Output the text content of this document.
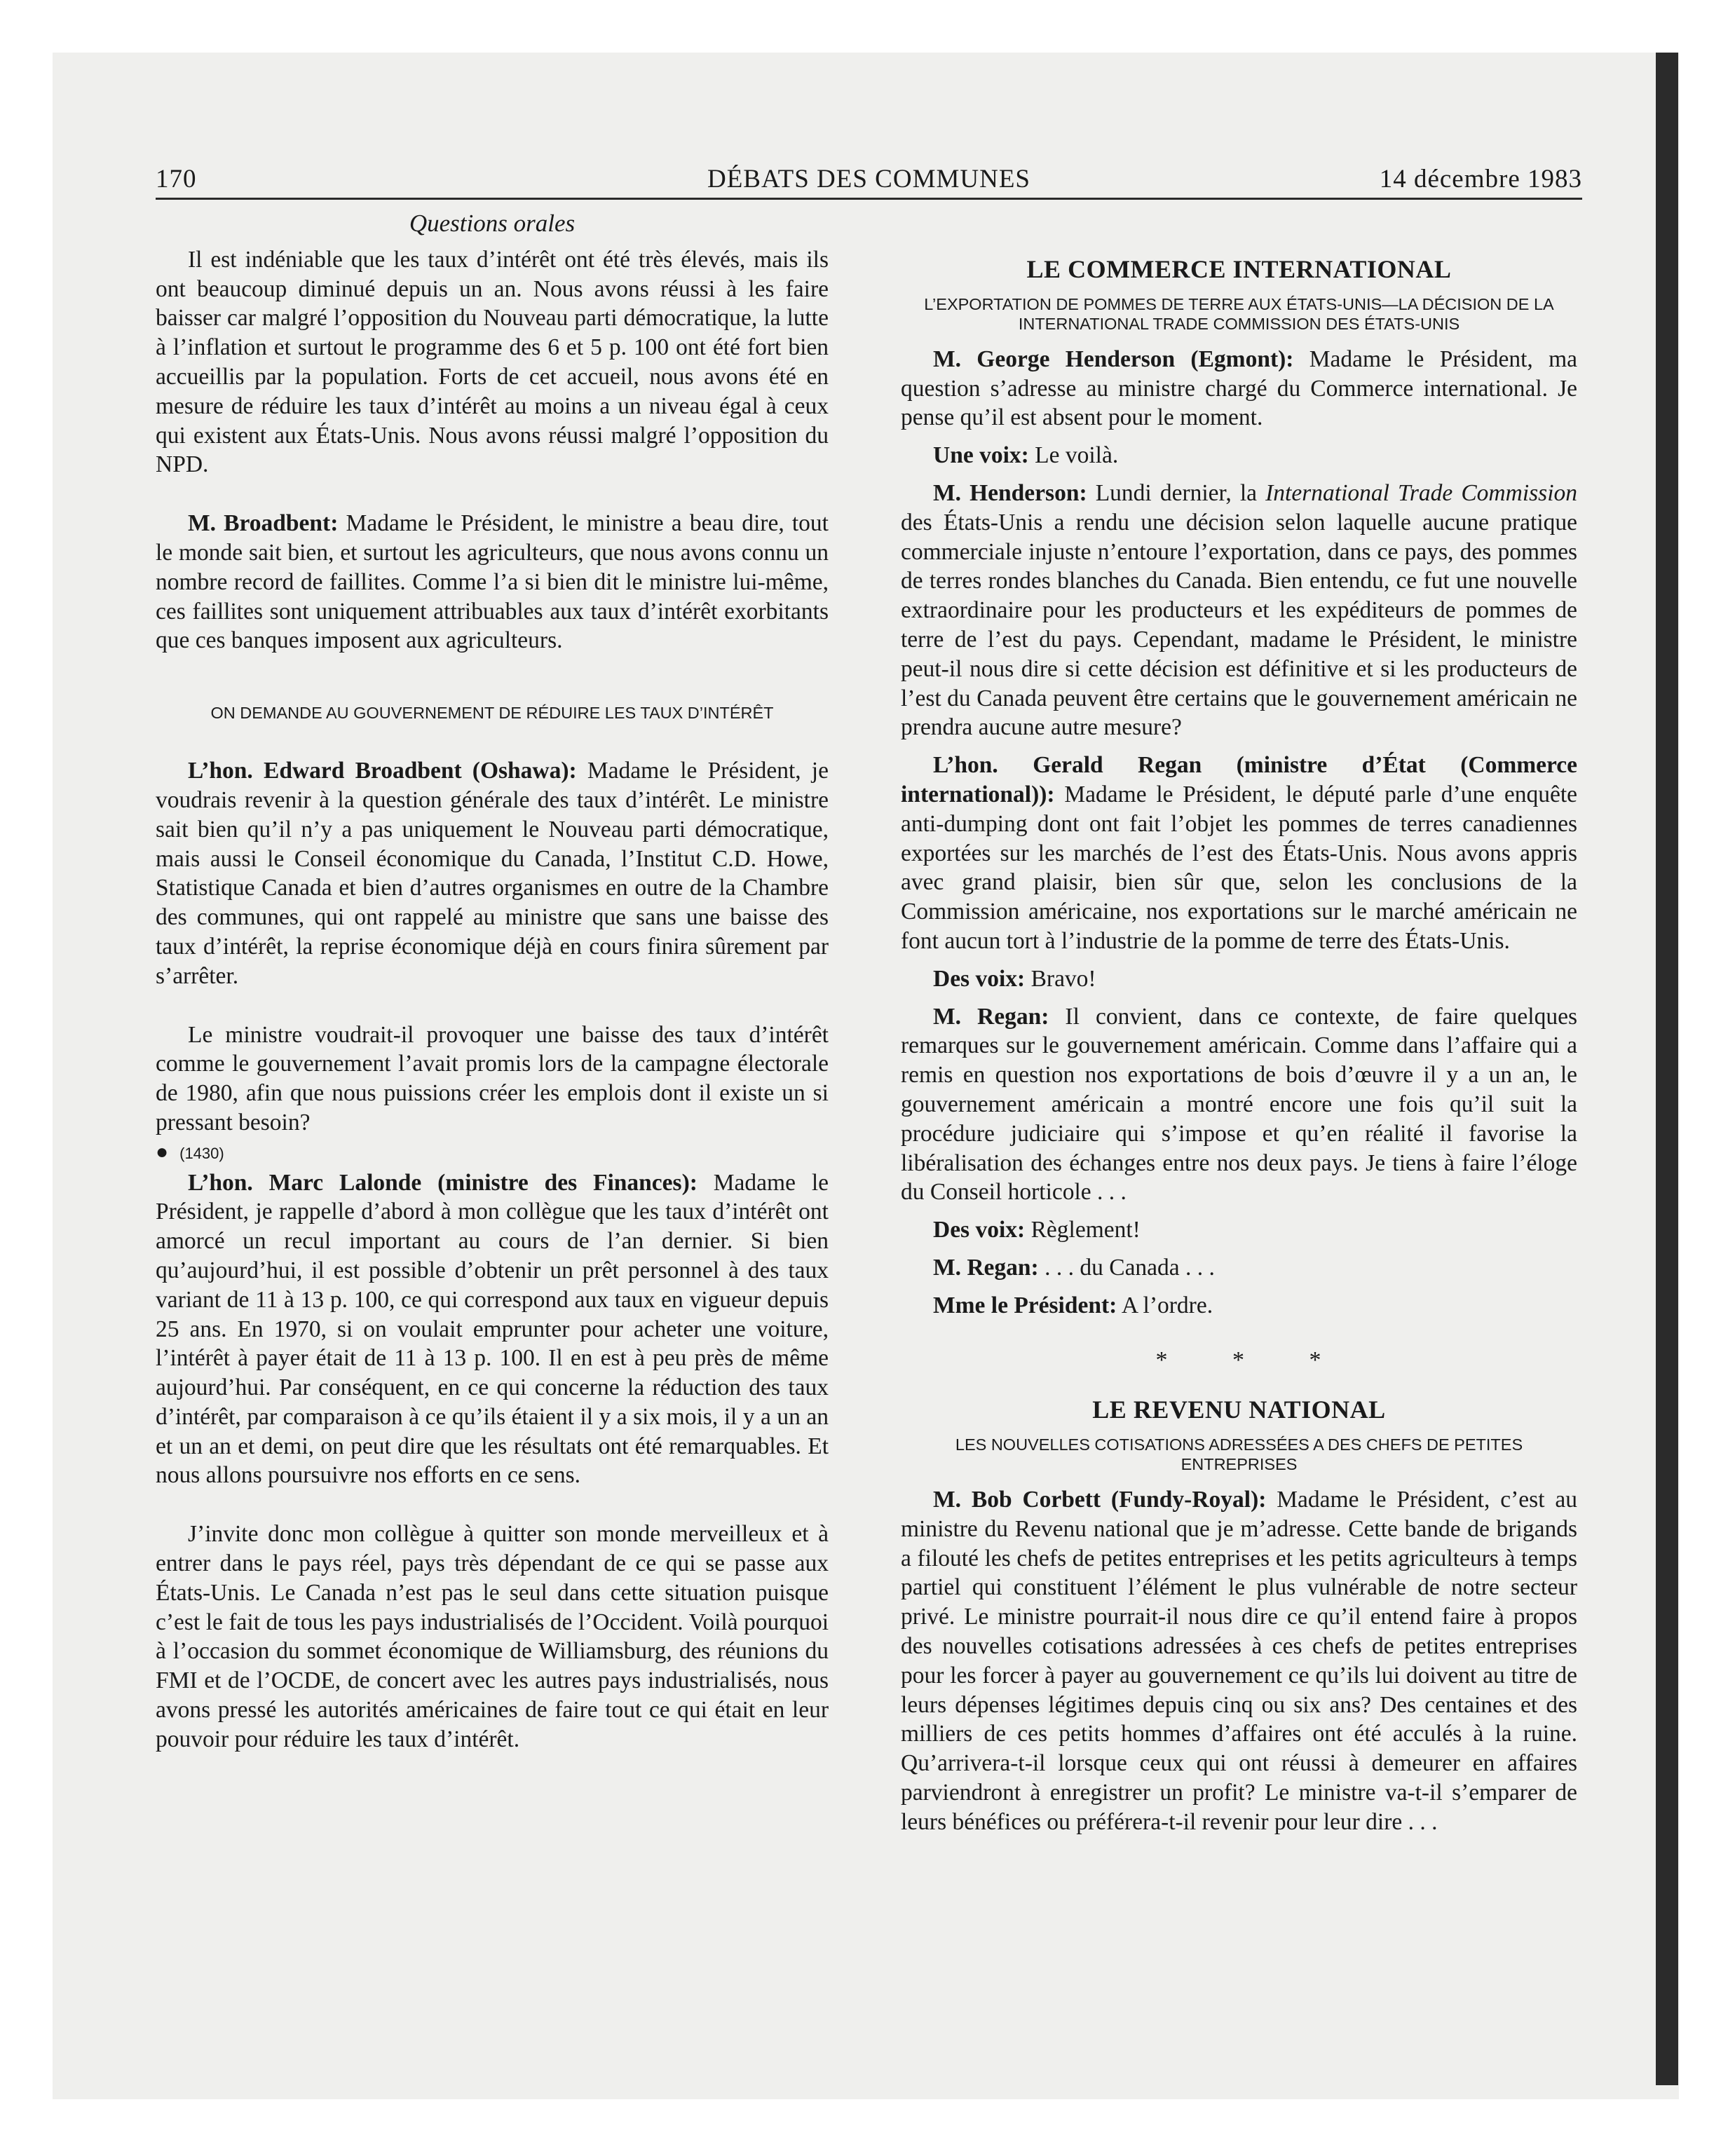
170	DÉBATS DES COMMUNES	14 décembre 1983
Questions orales

Il est indéniable que les taux d’intérêt ont été très élevés, mais ils ont beaucoup diminué depuis un an. Nous avons réussi à les faire baisser car malgré l’opposition du Nouveau parti démocratique, la lutte à l’inflation et surtout le programme des 6 et 5 p. 100 ont été fort bien accueillis par la population. Forts de cet accueil, nous avons été en mesure de réduire les taux d’intérêt au moins a un niveau égal à ceux qui existent aux États-Unis. Nous avons réussi malgré l’opposition du NPD.

M. Broadbent: Madame le Président, le ministre a beau dire, tout le monde sait bien, et surtout les agriculteurs, que nous avons connu un nombre record de faillites. Comme l’a si bien dit le ministre lui-même, ces faillites sont uniquement attribuables aux taux d’intérêt exorbitants que ces banques imposent aux agriculteurs.

ON DEMANDE AU GOUVERNEMENT DE RÉDUIRE LES TAUX D’INTÉRÊT

L’hon. Edward Broadbent (Oshawa): Madame le Président, je voudrais revenir à la question générale des taux d’intérêt. Le ministre sait bien qu’il n’y a pas uniquement le Nouveau parti démocratique, mais aussi le Conseil économique du Canada, l’Institut C.D. Howe, Statistique Canada et bien d’autres organismes en outre de la Chambre des communes, qui ont rappelé au ministre que sans une baisse des taux d’intérêt, la reprise économique déjà en cours finira sûrement par s’arrêter.

Le ministre voudrait-il provoquer une baisse des taux d’intérêt comme le gouvernement l’avait promis lors de la campagne électorale de 1980, afin que nous puissions créer les emplois dont il existe un si pressant besoin?

● (1430)

L’hon. Marc Lalonde (ministre des Finances): Madame le Président, je rappelle d’abord à mon collègue que les taux d’intérêt ont amorcé un recul important au cours de l’an dernier. Si bien qu’aujourd’hui, il est possible d’obtenir un prêt personnel à des taux variant de 11 à 13 p. 100, ce qui correspond aux taux en vigueur depuis 25 ans. En 1970, si on voulait emprunter pour acheter une voiture, l’intérêt à payer était de 11 à 13 p. 100. Il en est à peu près de même aujourd’hui. Par conséquent, en ce qui concerne la réduction des taux d’intérêt, par comparaison à ce qu’ils étaient il y a six mois, il y a un an et un an et demi, on peut dire que les résultats ont été remarquables. Et nous allons poursuivre nos efforts en ce sens.

J’invite donc mon collègue à quitter son monde merveilleux et à entrer dans le pays réel, pays très dépendant de ce qui se passe aux États-Unis. Le Canada n’est pas le seul dans cette situation puisque c’est le fait de tous les pays industrialisés de l’Occident. Voilà pourquoi à l’occasion du sommet économique de Williamsburg, des réunions du FMI et de l’OCDE, de concert avec les autres pays industrialisés, nous avons pressé les autorités américaines de faire tout ce qui était en leur pouvoir pour réduire les taux d’intérêt.

LE COMMERCE INTERNATIONAL
L’EXPORTATION DE POMMES DE TERRE AUX ÉTATS-UNIS—LA DÉCISION DE LA INTERNATIONAL TRADE COMMISSION DES ÉTATS-UNIS

M. George Henderson (Egmont): Madame le Président, ma question s’adresse au ministre chargé du Commerce international. Je pense qu’il est absent pour le moment.

Une voix: Le voilà.

M. Henderson: Lundi dernier, la International Trade Commission des États-Unis a rendu une décision selon laquelle aucune pratique commerciale injuste n’entoure l’exportation, dans ce pays, des pommes de terres rondes blanches du Canada. Bien entendu, ce fut une nouvelle extraordinaire pour les producteurs et les expéditeurs de pommes de terre de l’est du pays. Cependant, madame le Président, le ministre peut-il nous dire si cette décision est définitive et si les producteurs de l’est du Canada peuvent être certains que le gouvernement américain ne prendra aucune autre mesure?

L’hon. Gerald Regan (ministre d’État (Commerce international)): Madame le Président, le député parle d’une enquête anti-dumping dont ont fait l’objet les pommes de terres canadiennes exportées sur les marchés de l’est des États-Unis. Nous avons appris avec grand plaisir, bien sûr que, selon les conclusions de la Commission américaine, nos exportations sur le marché américain ne font aucun tort à l’industrie de la pomme de terre des États-Unis.

Des voix: Bravo!

M. Regan: Il convient, dans ce contexte, de faire quelques remarques sur le gouvernement américain. Comme dans l’affaire qui a remis en question nos exportations de bois d’œuvre il y a un an, le gouvernement américain a montré encore une fois qu’il suit la procédure judiciaire qui s’impose et qu’en réalité il favorise la libéralisation des échanges entre nos deux pays. Je tiens à faire l’éloge du Conseil horticole . . .

Des voix: Règlement!

M. Regan: . . . du Canada . . .

Mme le Président: A l’ordre.

* * *
LE REVENU NATIONAL
LES NOUVELLES COTISATIONS ADRESSÉES A DES CHEFS DE PETITES ENTREPRISES

M. Bob Corbett (Fundy-Royal): Madame le Président, c’est au ministre du Revenu national que je m’adresse. Cette bande de brigands a filouté les chefs de petites entreprises et les petits agriculteurs à temps partiel qui constituent l’élément le plus vulnérable de notre secteur privé. Le ministre pourrait-il nous dire ce qu’il entend faire à propos des nouvelles cotisations adressées à ces chefs de petites entreprises pour les forcer à payer au gouvernement ce qu’ils lui doivent au titre de leurs dépenses légitimes depuis cinq ou six ans? Des centaines et des milliers de ces petits hommes d’affaires ont été acculés à la ruine. Qu’arrivera-t-il lorsque ceux qui ont réussi à demeurer en affaires parviendront à enregistrer un profit? Le ministre va-t-il s’emparer de leurs bénéfices ou préférera-t-il revenir pour leur dire . . .
